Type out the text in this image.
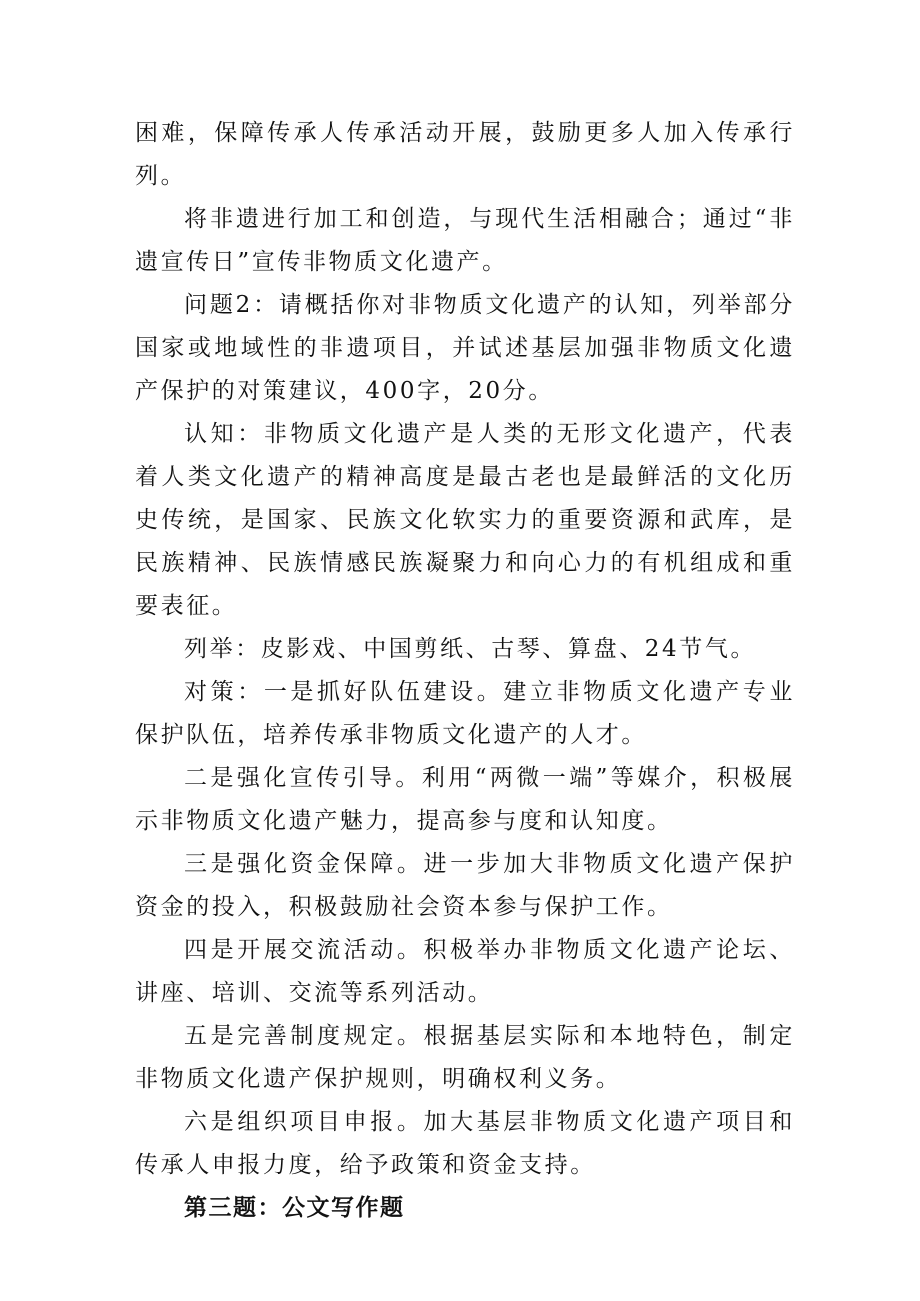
困难，保障传承人传承活动开展，鼓励更多人加入传承行列。

将非遗进行加工和创造，与现代生活相融合；通过“非遗宣传日”宣传非物质文化遗产。

问题2：请概括你对非物质文化遗产的认知，列举部分国家或地域性的非遗项目，并试述基层加强非物质文化遗产保护的对策建议，400字，20分。

认知：非物质文化遗产是人类的无形文化遗产，代表着人类文化遗产的精神高度是最古老也是最鲜活的文化历史传统，是国家、民族文化软实力的重要资源和武库，是民族精神、民族情感民族凝聚力和向心力的有机组成和重要表征。

列举：皮影戏、中国剪纸、古琴、算盘、24节气。

对策：一是抓好队伍建设。建立非物质文化遗产专业保护队伍，培养传承非物质文化遗产的人才。

二是强化宣传引导。利用“两微一端”等媒介，积极展示非物质文化遗产魅力，提高参与度和认知度。

三是强化资金保障。进一步加大非物质文化遗产保护资金的投入，积极鼓励社会资本参与保护工作。

四是开展交流活动。积极举办非物质文化遗产论坛、讲座、培训、交流等系列活动。

五是完善制度规定。根据基层实际和本地特色，制定非物质文化遗产保护规则，明确权利义务。

六是组织项目申报。加大基层非物质文化遗产项目和传承人申报力度，给予政策和资金支持。

第三题：公文写作题
